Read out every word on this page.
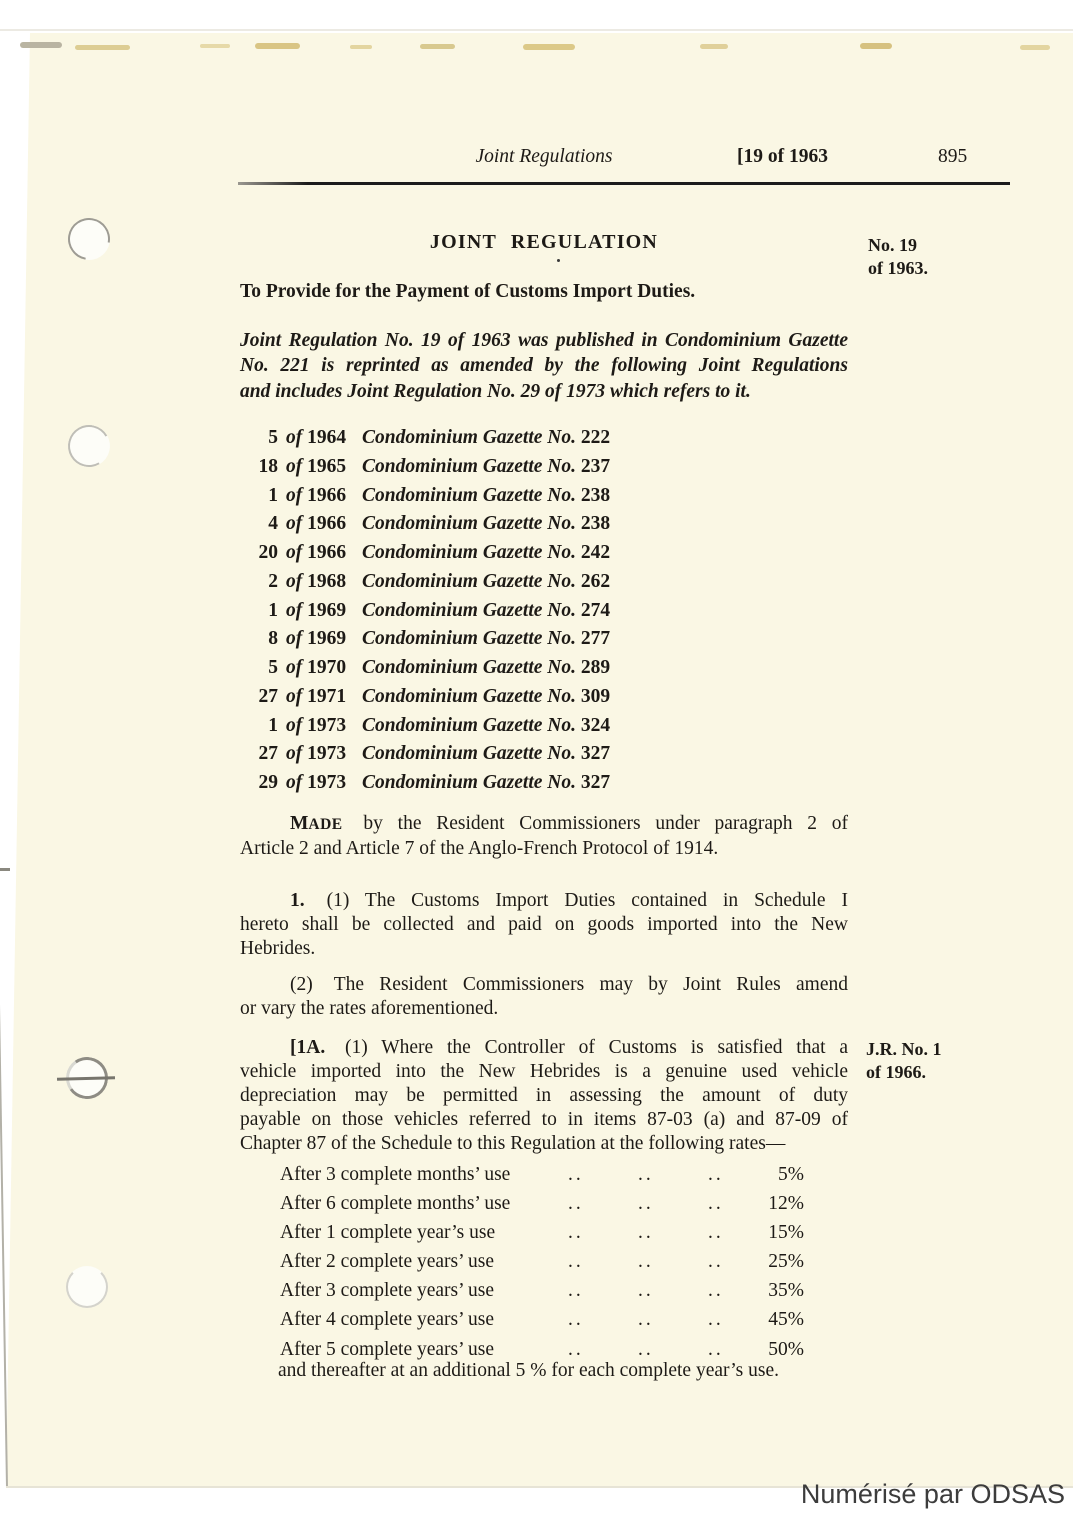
Joint Regulations	[19 of 1963	895
JOINT REGULATION	No. 19
of 1963.
To Provide for the Payment of Customs Import Duties.
Joint Regulation No. 19 of 1963 was published in Condominium Gazette
No. 221 is reprinted as amended by the following Joint Regulations
and includes Joint Regulation No. 29 of 1973 which refers to it.
5 of 1964 Condominium Gazette No. 222
18 of 1965 Condominium Gazette No. 237
1 of 1966 Condominium Gazette No. 238
4 of 1966 Condominium Gazette No. 238
20 of 1966 Condominium Gazette No. 242
2 of 1968 Condominium Gazette No. 262
1 of 1969 Condominium Gazette No. 274
8 of 1969 Condominium Gazette No. 277
5 of 1970 Condominium Gazette No. 289
27 of 1971 Condominium Gazette No. 309
1 of 1973 Condominium Gazette No. 324
27 of 1973 Condominium Gazette No. 327
29 of 1973 Condominium Gazette No. 327
MADE by the Resident Commissioners under paragraph 2 of
Article 2 and Article 7 of the Anglo-French Protocol of 1914.
1. (1) The Customs Import Duties contained in Schedule I
hereto shall be collected and paid on goods imported into the New
Hebrides.
(2) The Resident Commissioners may by Joint Rules amend
or vary the rates aforementioned.
[1A. (1) Where the Controller of Customs is satisfied that a
vehicle imported into the New Hebrides is a genuine used vehicle
depreciation may be permitted in assessing the amount of duty
payable on those vehicles referred to in items 87-03 (a) and 87-09 of
Chapter 87 of the Schedule to this Regulation at the following rates—
J.R. No. 1
of 1966.
After 3 complete months’ use	..	..	..	5%
After 6 complete months’ use	..	..	..	12%
After 1 complete year’s use	..	..	..	15%
After 2 complete years’ use	..	..	..	25%
After 3 complete years’ use	..	..	..	35%
After 4 complete years’ use	..	..	..	45%
After 5 complete years’ use	..	..	..	50%
and thereafter at an additional 5 % for each complete year’s use.
Numérisé par ODSAS
